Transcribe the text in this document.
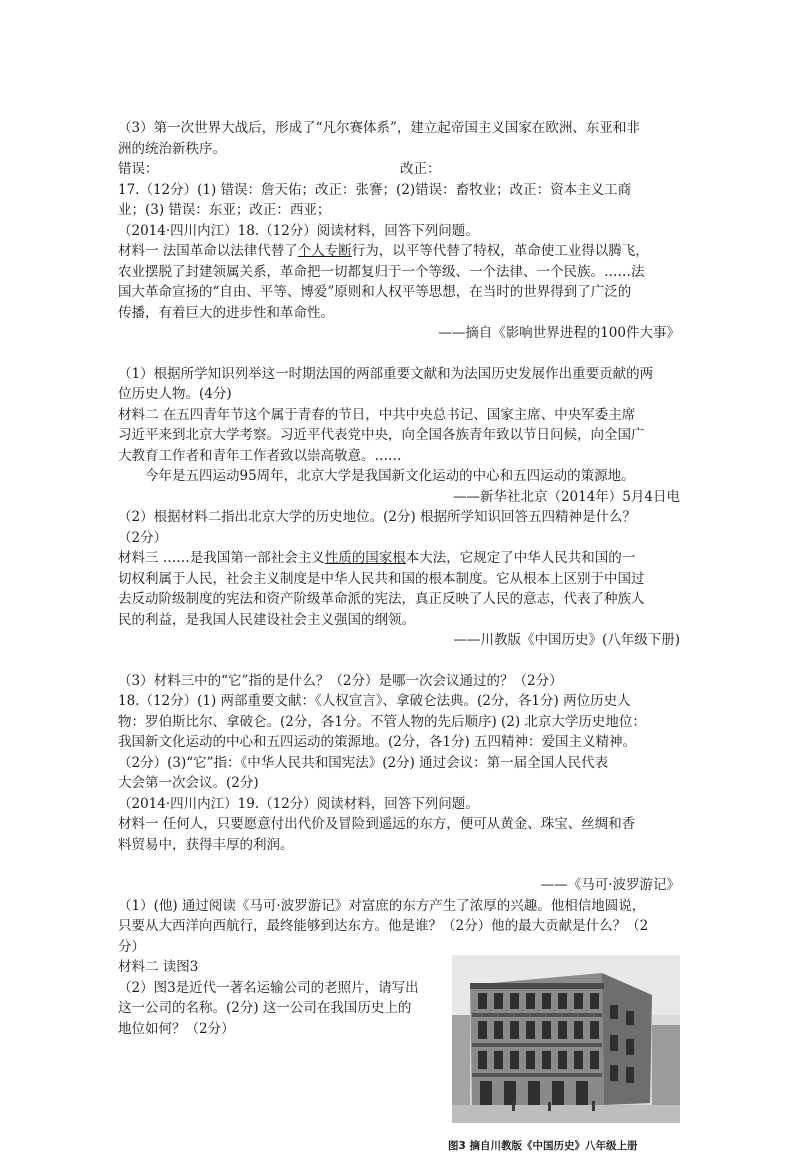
（3）第一次世界大战后，形成了“凡尔赛体系”，建立起帝国主义国家在欧洲、东亚和非

洲的统治新秩序。

错误：	改正：

17.（12分）(1) 错误：詹天佑；改正：张謇；(2)错误：畜牧业；改正：资本主义工商

业；(3) 错误：东亚；改正：西亚；

（2014·四川内江）18.（12分）阅读材料，回答下列问题。

材料一 法国革命以法律代替了个人专断行为，以平等代替了特权，革命使工业得以腾飞，

农业摆脱了封建领属关系，革命把一切都复归于一个等级、一个法律、一个民族。……法

国大革命宣扬的“自由、平等、博爱”原则和人权平等思想，在当时的世界得到了广泛的

传播，有着巨大的进步性和革命性。

——摘自《影响世界进程的100件大事》

（1）根据所学知识列举这一时期法国的两部重要文献和为法国历史发展作出重要贡献的两

位历史人物。(4分)

材料二 在五四青年节这个属于青春的节日，中共中央总书记、国家主席、中央军委主席

习近平来到北京大学考察。习近平代表党中央，向全国各族青年致以节日问候，向全国广

大教育工作者和青年工作者致以崇高敬意。……

今年是五四运动95周年，北京大学是我国新文化运动的中心和五四运动的策源地。

——新华社北京（2014年）5月4日电

（2）根据材料二指出北京大学的历史地位。(2分) 根据所学知识回答五四精神是什么？

（2分）

材料三 ……是我国第一部社会主义性质的国家根本大法，它规定了中华人民共和国的一

切权利属于人民，社会主义制度是中华人民共和国的根本制度。它从根本上区别于中国过

去反动阶级制度的宪法和资产阶级革命派的宪法，真正反映了人民的意志，代表了种族人

民的利益，是我国人民建设社会主义强国的纲领。

——川教版《中国历史》(八年级下册)

（3）材料三中的“它”指的是什么？（2分）是哪一次会议通过的？（2分）

18.（12分）(1) 两部重要文献：《人权宣言》、拿破仑法典。(2分，各1分) 两位历史人

物：罗伯斯比尔、拿破仑。(2分，各1分。不管人物的先后顺序) (2) 北京大学历史地位：

我国新文化运动的中心和五四运动的策源地。(2分，各1分) 五四精神：爱国主义精神。

（2分）(3)“它”指：《中华人民共和国宪法》(2分) 通过会议：第一届全国人民代表

大会第一次会议。(2分)

（2014·四川内江）19.（12分）阅读材料，回答下列问题。

材料一 任何人，只要愿意付出代价及冒险到遥远的东方，便可从黄金、珠宝、丝绸和香

料贸易中，获得丰厚的利润。

——《马可·波罗游记》

（1）(他) 通过阅读《马可·波罗游记》对富庶的东方产生了浓厚的兴趣。他相信地圆说，

只要从大西洋向西航行，最终能够到达东方。他是谁？（2分）他的最大贡献是什么？（2

分）

材料二 读图3

（2）图3是近代一著名运输公司的老照片，请写出

这一公司的名称。(2分) 这一公司在我国历史上的

地位如何？（2分）

图3 摘自川教版《中国历史》八年级上册
